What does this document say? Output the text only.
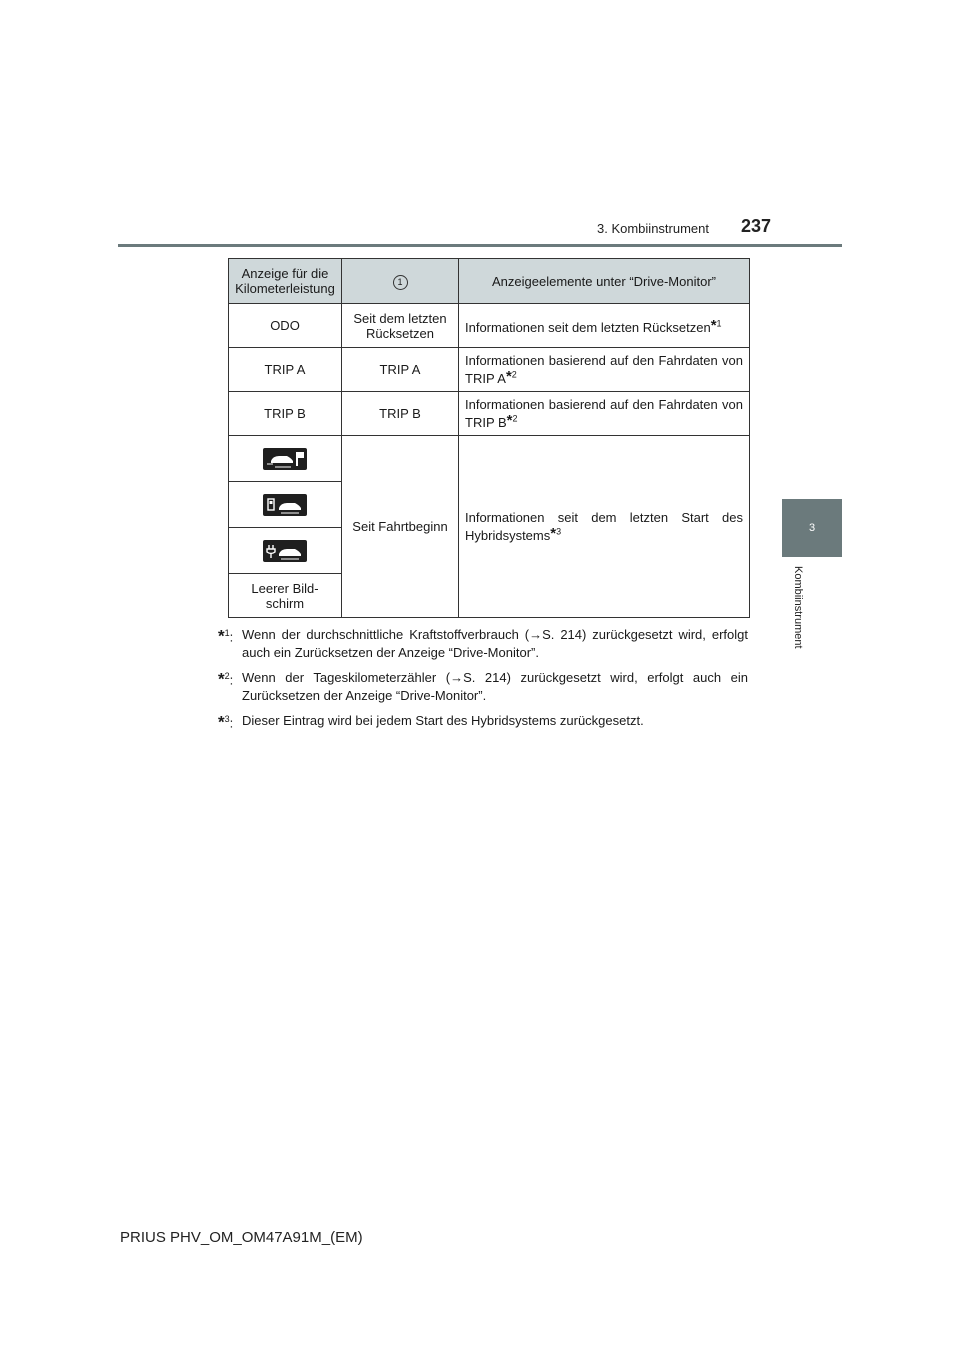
3. Kombiinstrument 237
3
Kombiinstrument
Anzeige für die Kilometerleistung	1	Anzeigeelemente unter “Drive-Monitor”
ODO	Seit dem letzten Rücksetzen	Informationen seit dem letzten Rücksetzen*$^1$
TRIP A	TRIP A	Informationen basierend auf den Fahrdaten von TRIP A*$^2$
TRIP B	TRIP B	Informationen basierend auf den Fahrdaten von TRIP B*$^2$

	Seit Fahrtbeginn	Informationen seit dem letzten Start des Hybridsystems*$^3$

Leerer Bild-schirm		
*$^1$: Wenn der durchschnittliche Kraftstoffverbrauch (→S. 214) zurückgesetzt wird, erfolgt auch ein Zurücksetzen der Anzeige “Drive-Monitor”.
*$^2$: Wenn der Tageskilometerzähler (→S. 214) zurückgesetzt wird, erfolgt auch ein Zurücksetzen der Anzeige “Drive-Monitor”.
*$^3$: Dieser Eintrag wird bei jedem Start des Hybridsystems zurückgesetzt.
PRIUS PHV_OM_OM47A91M_(EM)
